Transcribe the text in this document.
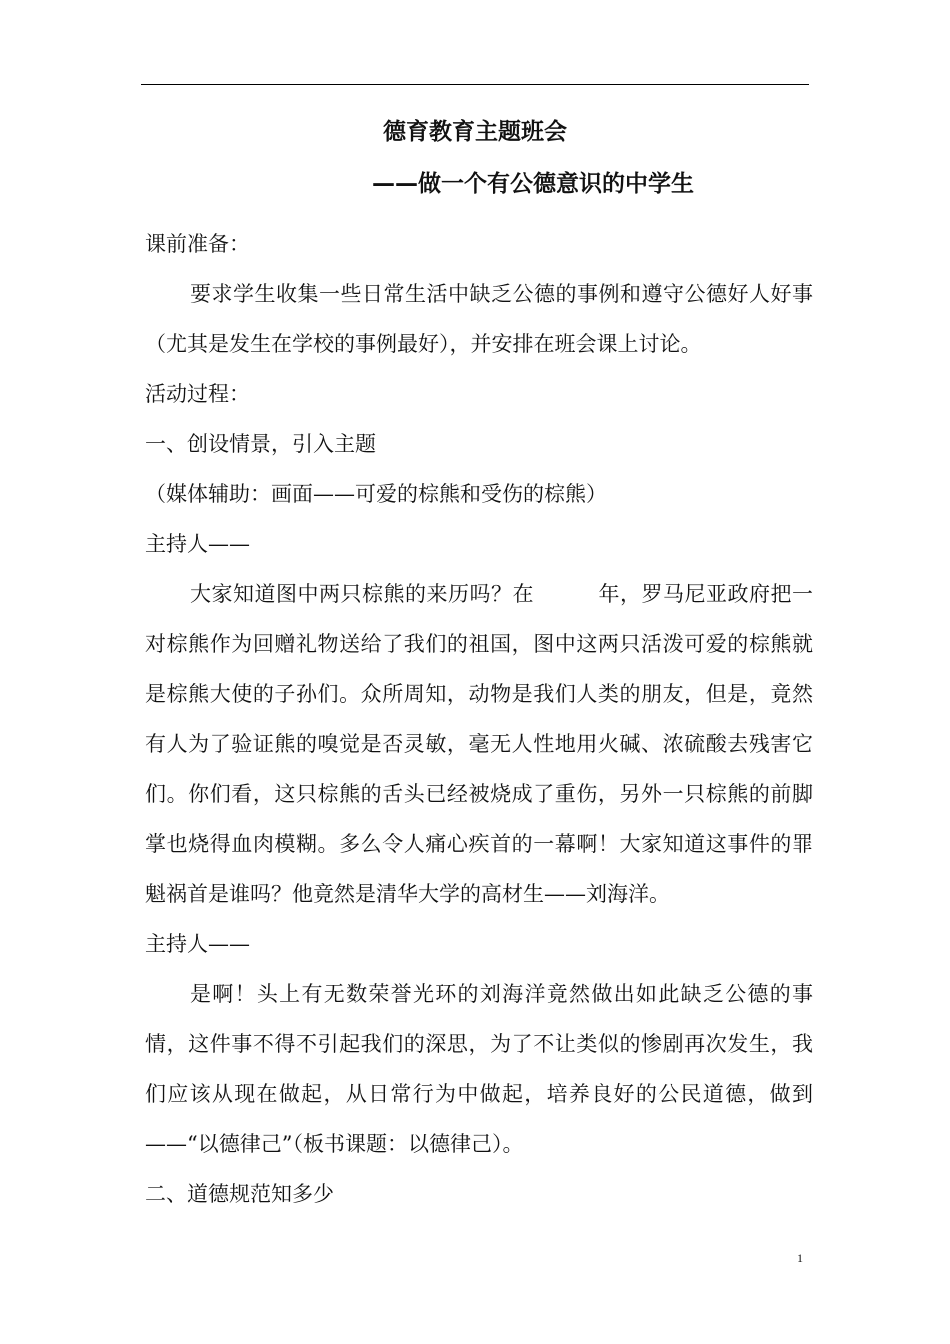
德育教育主题班会
——做一个有公德意识的中学生

课前准备：

要求学生收集一些日常生活中缺乏公德的事例和遵守公德好人好事（尤其是发生在学校的事例最好），并安排在班会课上讨论。

活动过程：

一、创设情景，引入主题

（媒体辅助：画面——可爱的棕熊和受伤的棕熊）

主持人——

大家知道图中两只棕熊的来历吗？在　　　年，罗马尼亚政府把一对棕熊作为回赠礼物送给了我们的祖国，图中这两只活泼可爱的棕熊就是棕熊大使的子孙们。众所周知，动物是我们人类的朋友，但是，竟然有人为了验证熊的嗅觉是否灵敏，毫无人性地用火碱、浓硫酸去残害它们。你们看，这只棕熊的舌头已经被烧成了重伤，另外一只棕熊的前脚掌也烧得血肉模糊。多么令人痛心疾首的一幕啊！大家知道这事件的罪魁祸首是谁吗？他竟然是清华大学的高材生——刘海洋。

主持人——

是啊！头上有无数荣誉光环的刘海洋竟然做出如此缺乏公德的事情，这件事不得不引起我们的深思，为了不让类似的惨剧再次发生，我们应该从现在做起，从日常行为中做起，培养良好的公民道德，做到——“以德律己”（板书课题：以德律己）。

二、道德规范知多少

1
